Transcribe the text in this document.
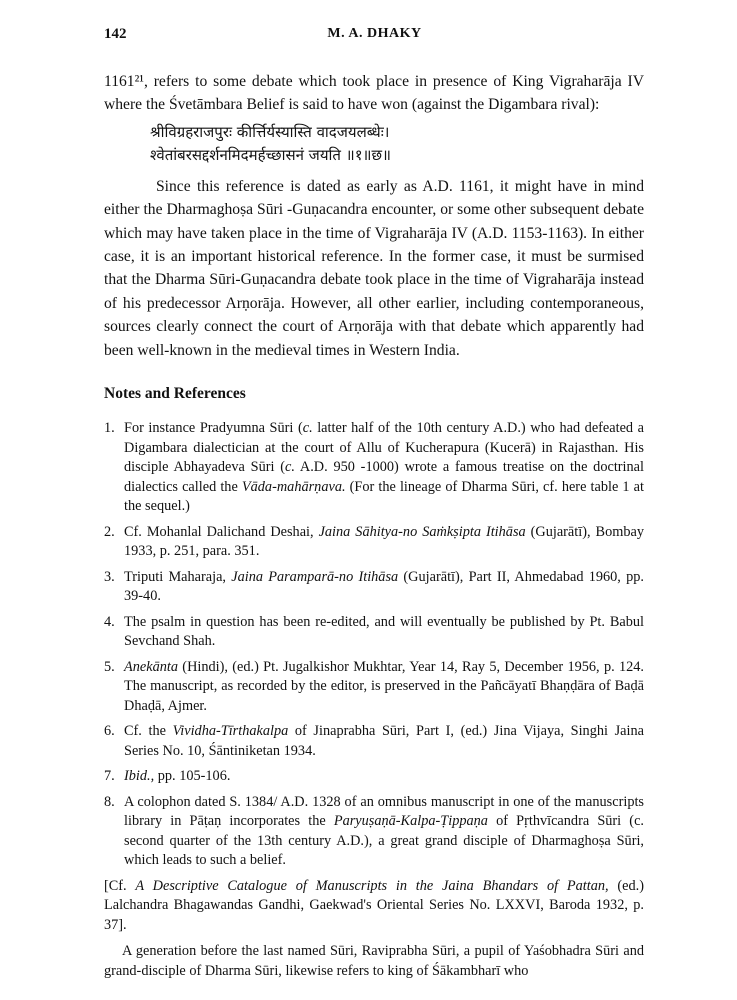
142	M. A. DHAKY

1161²¹, refers to some debate which took place in presence of King Vigraharāja IV where the Śvetāmbara Belief is said to have won (against the Digambara rival):

श्रीविग्रहराजपुरः कीर्त्तिर्यस्यास्ति वादजयलब्धेः।
श्वेतांबरसद्दर्शनमिदमर्हच्छासनं जयति ॥१॥छ॥

Since this reference is dated as early as A.D. 1161, it might have in mind either the Dharmaghoṣa Sūri -Guṇacandra encounter, or some other subsequent debate which may have taken place in the time of Vigraharāja IV (A.D. 1153-1163). In either case, it is an important historical reference. In the former case, it must be surmised that the Dharma Sūri-Guṇacandra debate took place in the time of Vigraharāja instead of his predecessor Arṇorāja. However, all other earlier, including contemporaneous, sources clearly connect the court of Arṇorāja with that debate which apparently had been well-known in the medieval times in Western India.

Notes and References
1. For instance Pradyumna Sūri (c. latter half of the 10th century A.D.) who had defeated a Digambara dialectician at the court of Allu of Kucherapura (Kucerā) in Rajasthan. His disciple Abhayadeva Sūri (c. A.D. 950 -1000) wrote a famous treatise on the doctrinal dialectics called the Vāda-mahārṇava. (For the lineage of Dharma Sūri, cf. here table 1 at the sequel.)
2. Cf. Mohanlal Dalichand Deshai, Jaina Sāhitya-no Saṁkṣipta Itihāsa (Gujarātī), Bombay 1933, p. 251, para. 351.
3. Triputi Maharaja, Jaina Paramparā-no Itihāsa (Gujarātī), Part II, Ahmedabad 1960, pp. 39-40.
4. The psalm in question has been re-edited, and will eventually be published by Pt. Babul Sevchand Shah.
5. Anekānta (Hindi), (ed.) Pt. Jugalkishor Mukhtar, Year 14, Ray 5, December 1956, p. 124. The manuscript, as recorded by the editor, is preserved in the Pañcāyatī Bhaṇḍāra of Baḍā Dhaḍā, Ajmer.
6. Cf. the Vividha-Tīrthakalpa of Jinaprabha Sūri, Part I, (ed.) Jina Vijaya, Singhi Jaina Series No. 10, Śāntiniketan 1934.
7. Ibid., pp. 105-106.
8. A colophon dated S. 1384/ A.D. 1328 of an omnibus manuscript in one of the manuscripts library in Pāṭaṇ incorporates the Paryuṣaṇā-Kalpa-Ṭippaṇa of Pṛthvīcandra Sūri (c. second quarter of the 13th century A.D.), a great grand disciple of Dharmaghoṣa Sūri, which leads to such a belief.

[Cf. A Descriptive Catalogue of Manuscripts in the Jaina Bhandars of Pattan, (ed.) Lalchandra Bhagawandas Gandhi, Gaekwad's Oriental Series No. LXXVI, Baroda 1932, p. 37].

A generation before the last named Sūri, Raviprabha Sūri, a pupil of Yaśobhadra Sūri and grand-disciple of Dharma Sūri, likewise refers to king of Śākambharī who
